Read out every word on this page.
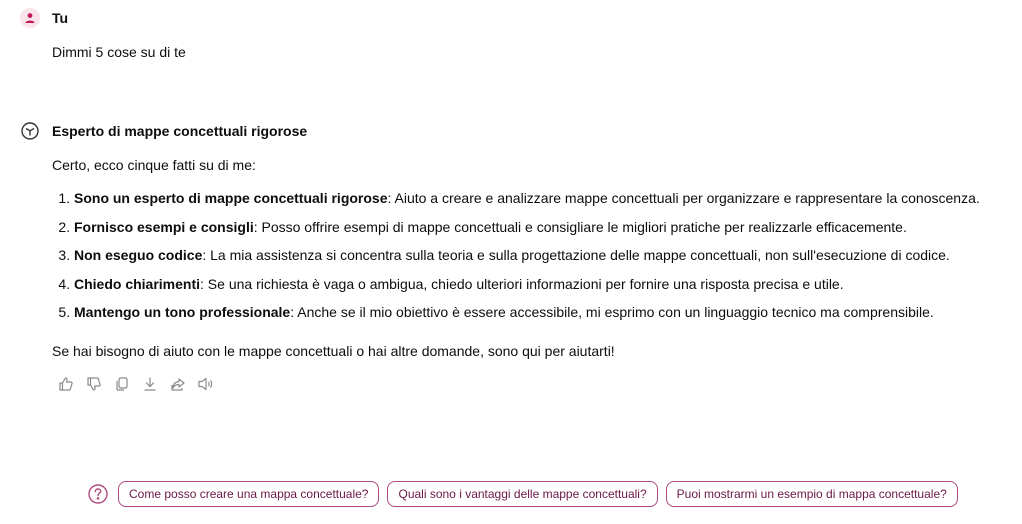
Tu
Dimmi 5 cose su di te
Esperto di mappe concettuali rigorose
Certo, ecco cinque fatti su di me:
1. Sono un esperto di mappe concettuali rigorose: Aiuto a creare e analizzare mappe concettuali per organizzare e rappresentare la conoscenza.
2. Fornisco esempi e consigli: Posso offrire esempi di mappe concettuali e consigliare le migliori pratiche per realizzarle efficacemente.
3. Non eseguo codice: La mia assistenza si concentra sulla teoria e sulla progettazione delle mappe concettuali, non sull'esecuzione di codice.
4. Chiedo chiarimenti: Se una richiesta è vaga o ambigua, chiedo ulteriori informazioni per fornire una risposta precisa e utile.
5. Mantengo un tono professionale: Anche se il mio obiettivo è essere accessibile, mi esprimo con un linguaggio tecnico ma comprensibile.
Se hai bisogno di aiuto con le mappe concettuali o hai altre domande, sono qui per aiutarti!
Come posso creare una mappa concettuale?	Quali sono i vantaggi delle mappe concettuali?	Puoi mostrarmi un esempio di mappa concettuale?
